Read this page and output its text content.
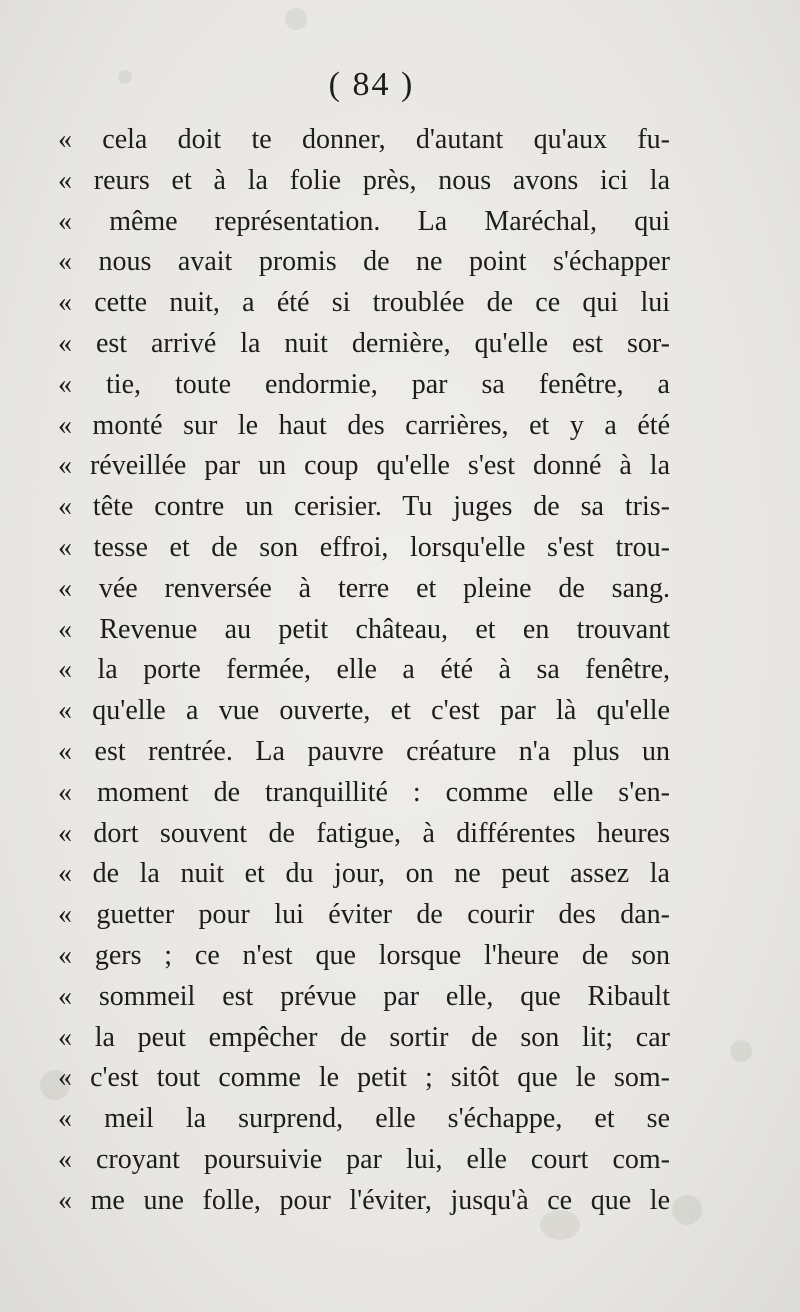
( 84 )
« cela doit te donner, d'autant qu'aux fu-
« reurs et à la folie près, nous avons ici la
« même représentation. La Maréchal, qui
« nous avait promis de ne point s'échapper
« cette nuit, a été si troublée de ce qui lui
« est arrivé la nuit dernière, qu'elle est sor-
« tie, toute endormie, par sa fenêtre, a
« monté sur le haut des carrières, et y a été
« réveillée par un coup qu'elle s'est donné à la
« tête contre un cerisier. Tu juges de sa tris-
« tesse et de son effroi, lorsqu'elle s'est trou-
« vée renversée à terre et pleine de sang.
« Revenue au petit château, et en trouvant
« la porte fermée, elle a été à sa fenêtre,
« qu'elle a vue ouverte, et c'est par là qu'elle
« est rentrée. La pauvre créature n'a plus un
« moment de tranquillité : comme elle s'en-
« dort souvent de fatigue, à différentes heures
« de la nuit et du jour, on ne peut assez la
« guetter pour lui éviter de courir des dan-
« gers ; ce n'est que lorsque l'heure de son
« sommeil est prévue par elle, que Ribault
« la peut empêcher de sortir de son lit; car
« c'est tout comme le petit ; sitôt que le som-
« meil la surprend, elle s'échappe, et se
« croyant poursuivie par lui, elle court com-
« me une folle, pour l'éviter, jusqu'à ce que le
